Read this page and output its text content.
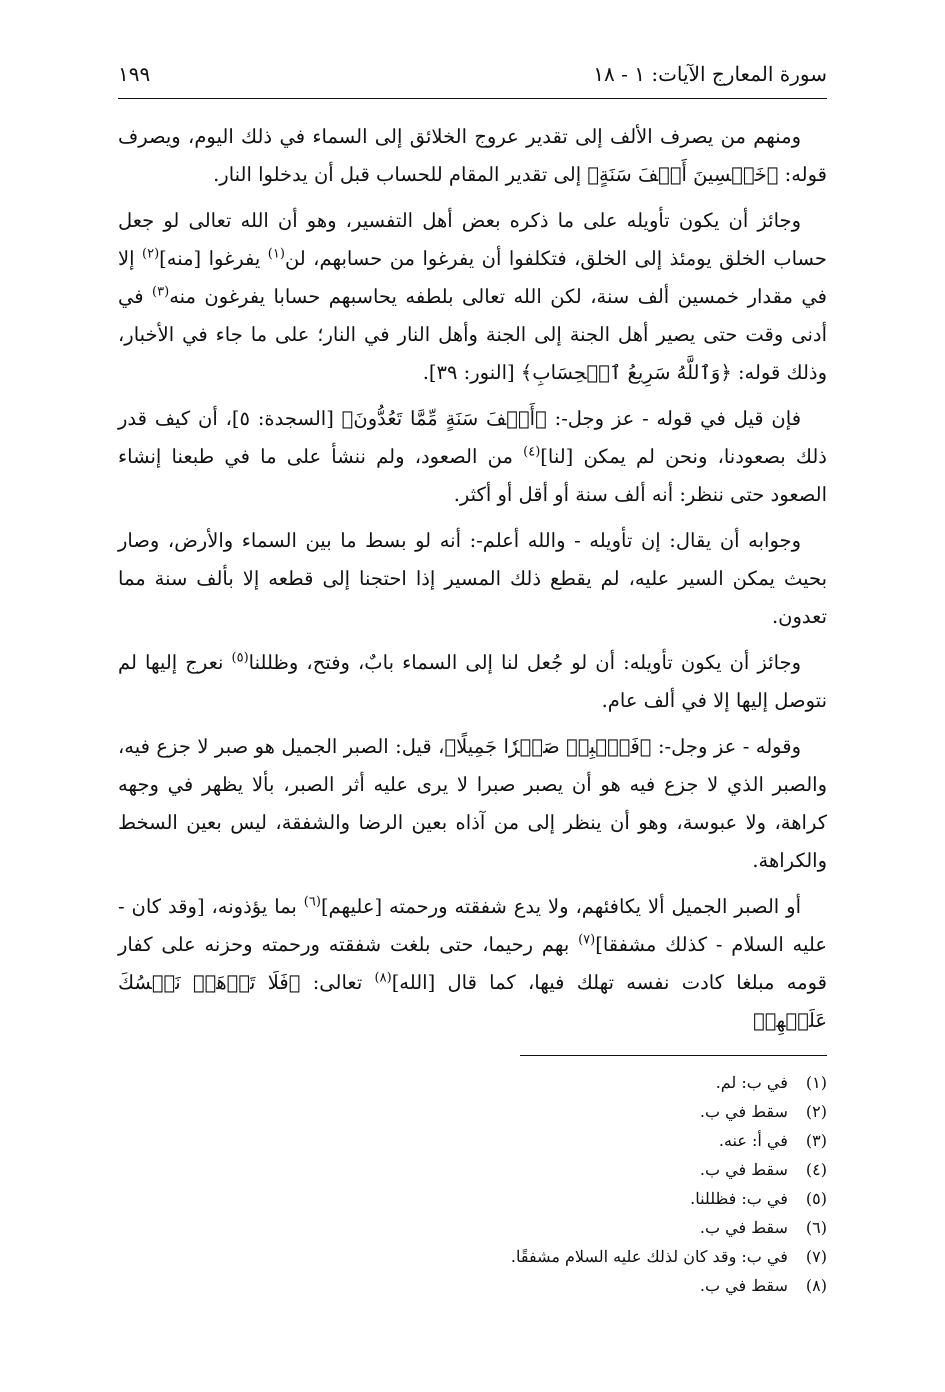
سورة المعارج الآيات: ١ - ١٨
١٩٩

ومنهم من يصرف الألف إلى تقدير عروج الخلائق إلى السماء في ذلك اليوم، ويصرف قوله: ﴿خَمۡسِينَ أَلۡفَ سَنَةٍ﴾ إلى تقدير المقام للحساب قبل أن يدخلوا النار.

وجائز أن يكون تأويله على ما ذكره بعض أهل التفسير، وهو أن الله تعالى لو جعل حساب الخلق يومئذ إلى الخلق، فتكلفوا أن يفرغوا من حسابهم، لن$^{(١)}$ يفرغوا [منه]$^{(٢)}$ إلا في مقدار خمسين ألف سنة، لكن الله تعالى بلطفه يحاسبهم حسابا يفرغون منه$^{(٣)}$ في أدنى وقت حتى يصير أهل الجنة إلى الجنة وأهل النار في النار؛ على ما جاء في الأخبار، وذلك قوله: ﴿وَٱللَّهُ سَرِيعُ ٱلۡحِسَابِ﴾ [النور: ٣٩].

فإن قيل في قوله - عز وجل-: ﴿أَلۡفَ سَنَةٍ مِّمَّا تَعُدُّونَ﴾ [السجدة: ٥]، أن كيف قدر ذلك بصعودنا، ونحن لم يمكن [لنا]$^{(٤)}$ من الصعود، ولم ننشأ على ما في طبعنا إنشاء الصعود حتى ننظر: أنه ألف سنة أو أقل أو أكثر.

وجوابه أن يقال: إن تأويله - والله أعلم-: أنه لو بسط ما بين السماء والأرض، وصار بحيث يمكن السير عليه، لم يقطع ذلك المسير إذا احتجنا إلى قطعه إلا بألف سنة مما تعدون.

وجائز أن يكون تأويله: أن لو جُعل لنا إلى السماء بابٌ، وفتح، وظللنا$^{(٥)}$ نعرج إليها لم نتوصل إليها إلا في ألف عام.

وقوله - عز وجل-: ﴿فَٱصۡبِرۡ صَبۡرٗا جَمِيلًا﴾، قيل: الصبر الجميل هو صبر لا جزع فيه، والصبر الذي لا جزع فيه هو أن يصبر صبرا لا يرى عليه أثر الصبر، بألا يظهر في وجهه كراهة، ولا عبوسة، وهو أن ينظر إلى من آذاه بعين الرضا والشفقة، ليس بعين السخط والكراهة.

أو الصبر الجميل ألا يكافئهم، ولا يدع شفقته ورحمته [عليهم]$^{(٦)}$ بما يؤذونه، [وقد كان - عليه السلام - كذلك مشفقا]$^{(٧)}$ بهم رحيما، حتى بلغت شفقته ورحمته وحزنه على كفار قومه مبلغا كادت نفسه تهلك فيها، كما قال [الله]$^{(٨)}$ تعالى: ﴿فَلَا تَذۡهَبۡ نَفۡسُكَ عَلَيۡهِمۡ

(١) في ب: لم.
(٢) سقط في ب.
(٣) في أ: عنه.
(٤) سقط في ب.
(٥) في ب: فظللنا.
(٦) سقط في ب.
(٧) في ب: وقد كان لذلك عليه السلام مشفقًا.
(٨) سقط في ب.
